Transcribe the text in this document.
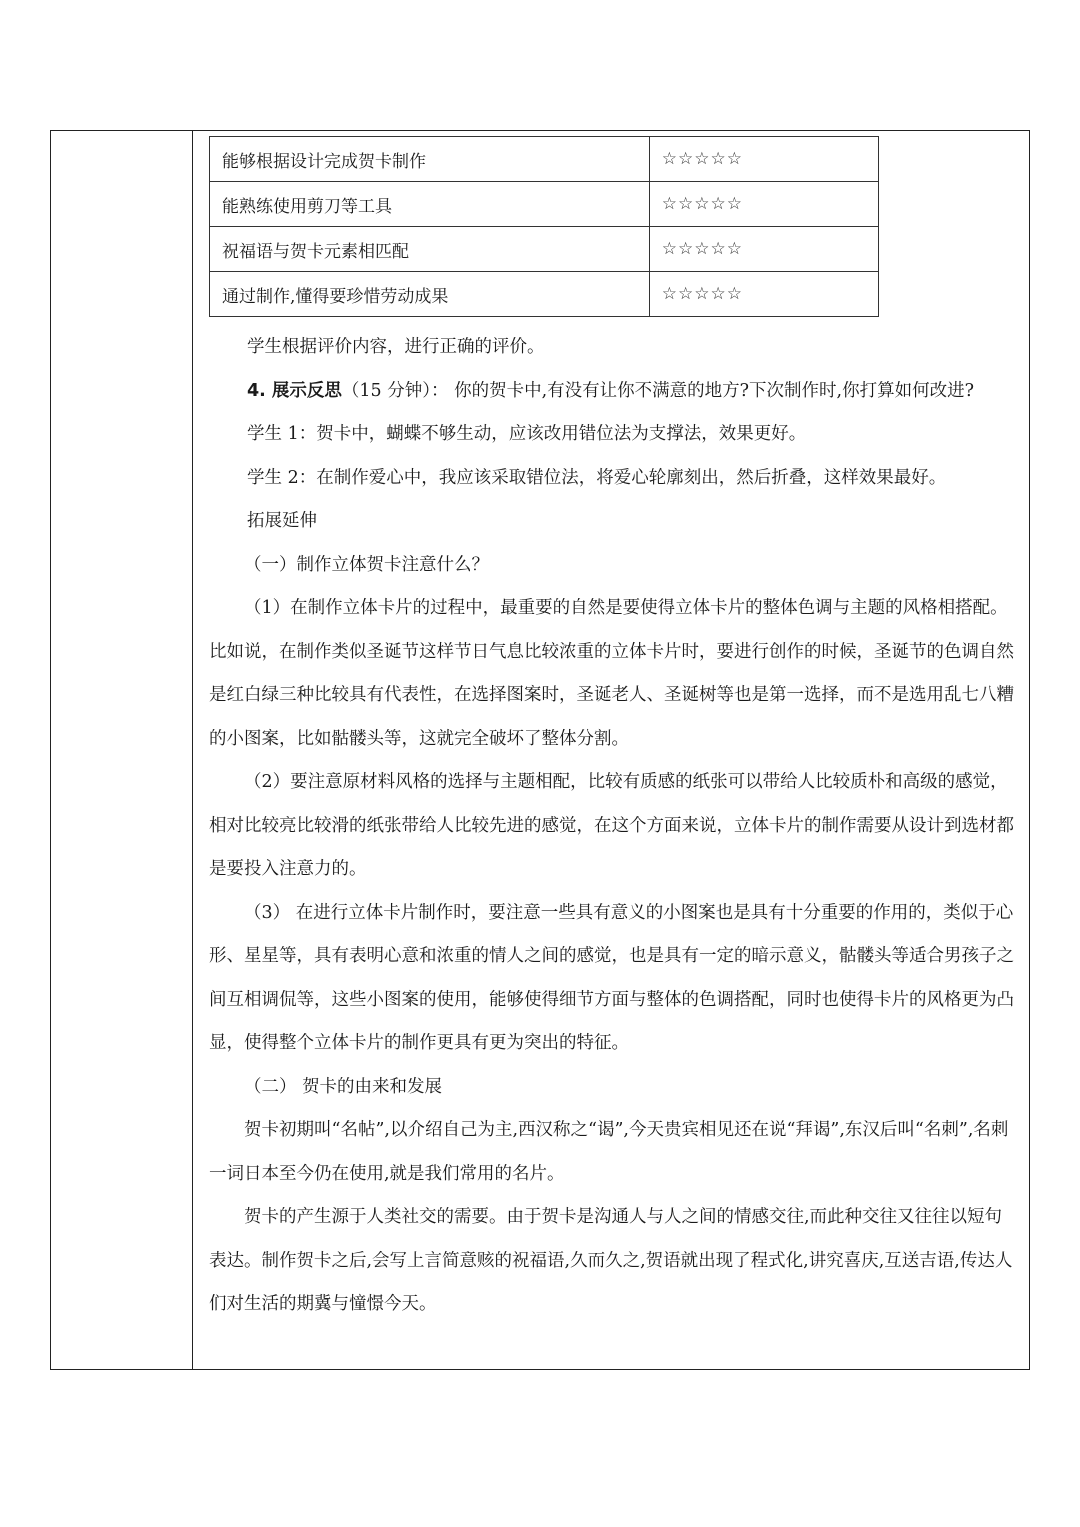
能够根据设计完成贺卡制作	☆☆☆☆☆
能熟练使用剪刀等工具	☆☆☆☆☆
祝福语与贺卡元素相匹配	☆☆☆☆☆
通过制作,懂得要珍惜劳动成果	☆☆☆☆☆

学生根据评价内容，进行正确的评价。

4. 展示反思（15 分钟）： 你的贺卡中,有没有让你不满意的地方?下次制作时,你打算如何改进?

学生 1：贺卡中，蝴蝶不够生动，应该改用错位法为支撑法，效果更好。

学生 2：在制作爱心中，我应该采取错位法，将爱心轮廓刻出，然后折叠，这样效果最好。

拓展延伸

（一）制作立体贺卡注意什么？

（1）在制作立体卡片的过程中，最重要的自然是要使得立体卡片的整体色调与主题的风格相搭配。比如说，在制作类似圣诞节这样节日气息比较浓重的立体卡片时，要进行创作的时候，圣诞节的色调自然是红白绿三种比较具有代表性，在选择图案时，圣诞老人、圣诞树等也是第一选择，而不是选用乱七八糟的小图案，比如骷髅头等，这就完全破坏了整体分割。

（2）要注意原材料风格的选择与主题相配，比较有质感的纸张可以带给人比较质朴和高级的感觉，相对比较亮比较滑的纸张带给人比较先进的感觉，在这个方面来说，立体卡片的制作需要从设计到选材都是要投入注意力的。

（3） 在进行立体卡片制作时，要注意一些具有意义的小图案也是具有十分重要的作用的，类似于心形、星星等，具有表明心意和浓重的情人之间的感觉，也是具有一定的暗示意义，骷髅头等适合男孩子之间互相调侃等，这些小图案的使用，能够使得细节方面与整体的色调搭配，同时也使得卡片的风格更为凸显，使得整个立体卡片的制作更具有更为突出的特征。

（二） 贺卡的由来和发展

贺卡初期叫“名帖”,以介绍自己为主,西汉称之“谒”,今天贵宾相见还在说“拜谒”,东汉后叫“名刺”,名刺一词日本至今仍在使用,就是我们常用的名片。

贺卡的产生源于人类社交的需要。由于贺卡是沟通人与人之间的情感交往,而此种交往又往往以短句表达。制作贺卡之后,会写上言简意赅的祝福语,久而久之,贺语就出现了程式化,讲究喜庆,互送吉语,传达人们对生活的期冀与憧憬今天。
